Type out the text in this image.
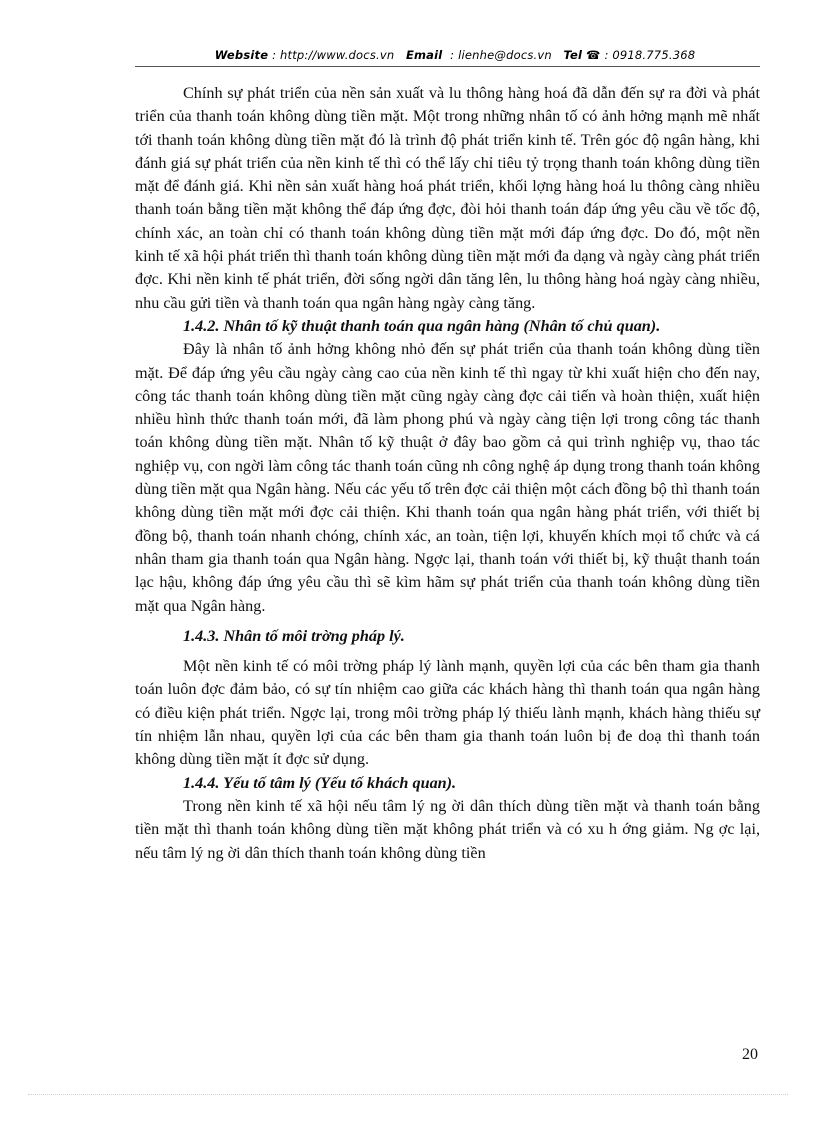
Website : http://www.docs.vn Email : lienhe@docs.vn Tel ☎ : 0918.775.368

Chính sự phát triển của nền sản xuất và lu thông hàng hoá đã dẫn đến sự ra đời và phát triển của thanh toán không dùng tiền mặt. Một trong những nhân tố có ảnh hởng mạnh mẽ nhất tới thanh toán không dùng tiền mặt đó là trình độ phát triển kinh tế. Trên góc độ ngân hàng, khi đánh giá sự phát triển của nền kinh tế thì có thể lấy chỉ tiêu tỷ trọng thanh toán không dùng tiền mặt để đánh giá. Khi nền sản xuất hàng hoá phát triển, khối lợng hàng hoá lu thông càng nhiều thanh toán bằng tiền mặt không thể đáp ứng đợc, đòi hỏi thanh toán đáp ứng yêu cầu về tốc độ, chính xác, an toàn chỉ có thanh toán không dùng tiền mặt mới đáp ứng đợc. Do đó, một nền kinh tế xã hội phát triển thì thanh toán không dùng tiền mặt mới đa dạng và ngày càng phát triển đợc. Khi nền kinh tế phát triển, đời sống ngời dân tăng lên, lu thông hàng hoá ngày càng nhiều, nhu cầu gửi tiền và thanh toán qua ngân hàng ngày càng tăng.

1.4.2. Nhân tố kỹ thuật thanh toán qua ngân hàng (Nhân tố chủ quan).

Đây là nhân tố ảnh hởng không nhỏ đến sự phát triển của thanh toán không dùng tiền mặt. Để đáp ứng yêu cầu ngày càng cao của nền kinh tế thì ngay từ khi xuất hiện cho đến nay, công tác thanh toán không dùng tiền mặt cũng ngày càng đợc cải tiến và hoàn thiện, xuất hiện nhiều hình thức thanh toán mới, đã làm phong phú và ngày càng tiện lợi trong công tác thanh toán không dùng tiền mặt. Nhân tố kỹ thuật ở đây bao gồm cả qui trình nghiệp vụ, thao tác nghiệp vụ, con ngời làm công tác thanh toán cũng nh công nghệ áp dụng trong thanh toán không dùng tiền mặt qua Ngân hàng. Nếu các yếu tố trên đợc cải thiện một cách đồng bộ thì thanh toán không dùng tiền mặt mới đợc cải thiện. Khi thanh toán qua ngân hàng phát triển, với thiết bị đồng bộ, thanh toán nhanh chóng, chính xác, an toàn, tiện lợi, khuyến khích mọi tổ chức và cá nhân tham gia thanh toán qua Ngân hàng. Ngợc lại, thanh toán với thiết bị, kỹ thuật thanh toán lạc hậu, không đáp ứng yêu cầu thì sẽ kìm hãm sự phát triển của thanh toán không dùng tiền mặt qua Ngân hàng.

1.4.3. Nhân tố môi trờng pháp lý.

Một nền kinh tế có môi trờng pháp lý lành mạnh, quyền lợi của các bên tham gia thanh toán luôn đợc đảm bảo, có sự tín nhiệm cao giữa các khách hàng thì thanh toán qua ngân hàng có điều kiện phát triển. Ngợc lại, trong môi trờng pháp lý thiếu lành mạnh, khách hàng thiếu sự tín nhiệm lẫn nhau, quyền lợi của các bên tham gia thanh toán luôn bị đe doạ thì thanh toán không dùng tiền mặt ít đợc sử dụng.

1.4.4. Yếu tố tâm lý (Yếu tố khách quan).

Trong nền kinh tế xã hội nếu tâm lý ng ời dân thích dùng tiền mặt và thanh toán bằng tiền mặt thì thanh toán không dùng tiền mặt không phát triển và có xu h ớng giảm. Ng ợc lại, nếu tâm lý ng ời dân thích thanh toán không dùng tiền

20
